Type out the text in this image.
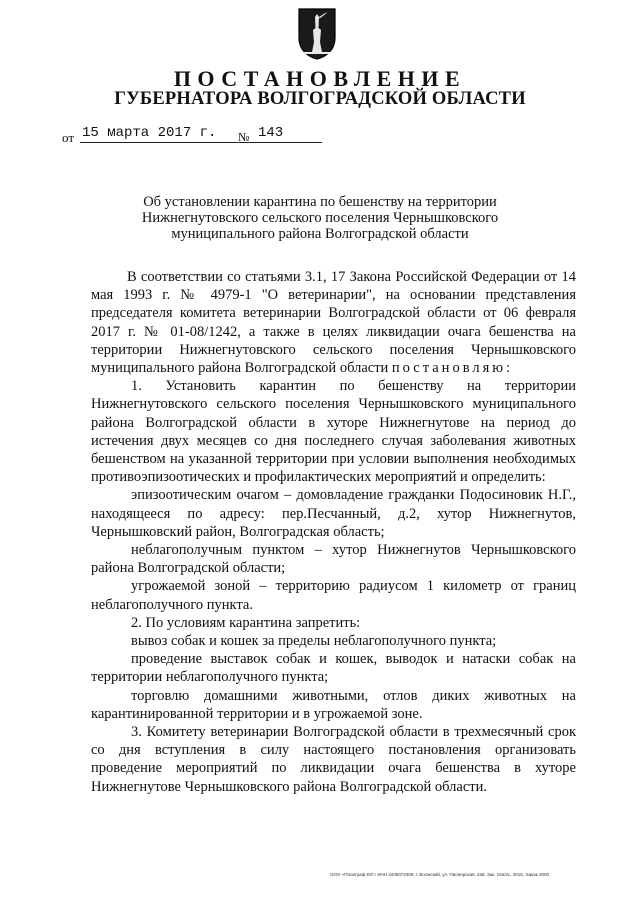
ПОСТАНОВЛЕНИЕ
ГУБЕРНАТОРА ВОЛГОГРАДСКОЙ ОБЛАСТИ
от 15 марта 2017 г.	№ 143
Об установлении карантина по бешенству на территории
Нижнегнутовского сельского поселения Чернышковского
муниципального района Волгоградской области

В соответствии со статьями 3.1, 17 Закона Российской Федерации от 14 мая 1993 г. № 4979-1 "О ветеринарии", на основании представления председателя комитета ветеринарии Волгоградской области от 06 февраля 2017 г. № 01-08/1242, а также в целях ликвидации очага бешенства на территории Нижнегнутовского сельского поселения Чернышковского муниципального района Волгоградской области постановляю:

1. Установить карантин по бешенству на территории Нижнегнутовского сельского поселения Чернышковского муниципального района Волгоградской области в хуторе Нижнегнутове на период до истечения двух месяцев со дня последнего случая заболевания животных бешенством на указанной территории при условии выполнения необходимых противоэпизоотических и профилактических мероприятий и определить:

эпизоотическим очагом – домовладение гражданки Подосиновик Н.Г., находящееся по адресу: пер.Песчанный, д.2, хутор Нижнегнутов, Чернышковский район, Волгоградская область;

неблагополучным пунктом – хутор Нижнегнутов Чернышковского района Волгоградской области;

угрожаемой зоной – территорию радиусом 1 километр от границ неблагополучного пункта.

2. По условиям карантина запретить:

вывоз собак и кошек за пределы неблагополучного пункта;

проведение выставок собак и кошек, выводок и натаски собак на территории неблагополучного пункта;

торговлю домашними животными, отлов диких животных на карантинированной территории и в угрожаемой зоне.

3. Комитету ветеринарии Волгоградской области в трехмесячный срок со дня вступления в силу настоящего постановления организовать проведение мероприятий по ликвидации очага бешенства в хуторе Нижнегнутове Чернышковского района Волгоградской области.

ООО «Полиграф-ЮГ» ИНН 3435072309, г. Волжский, ул. Пионерская, 2а8. Зак. 19a/2с, 2015, тираж 3000
